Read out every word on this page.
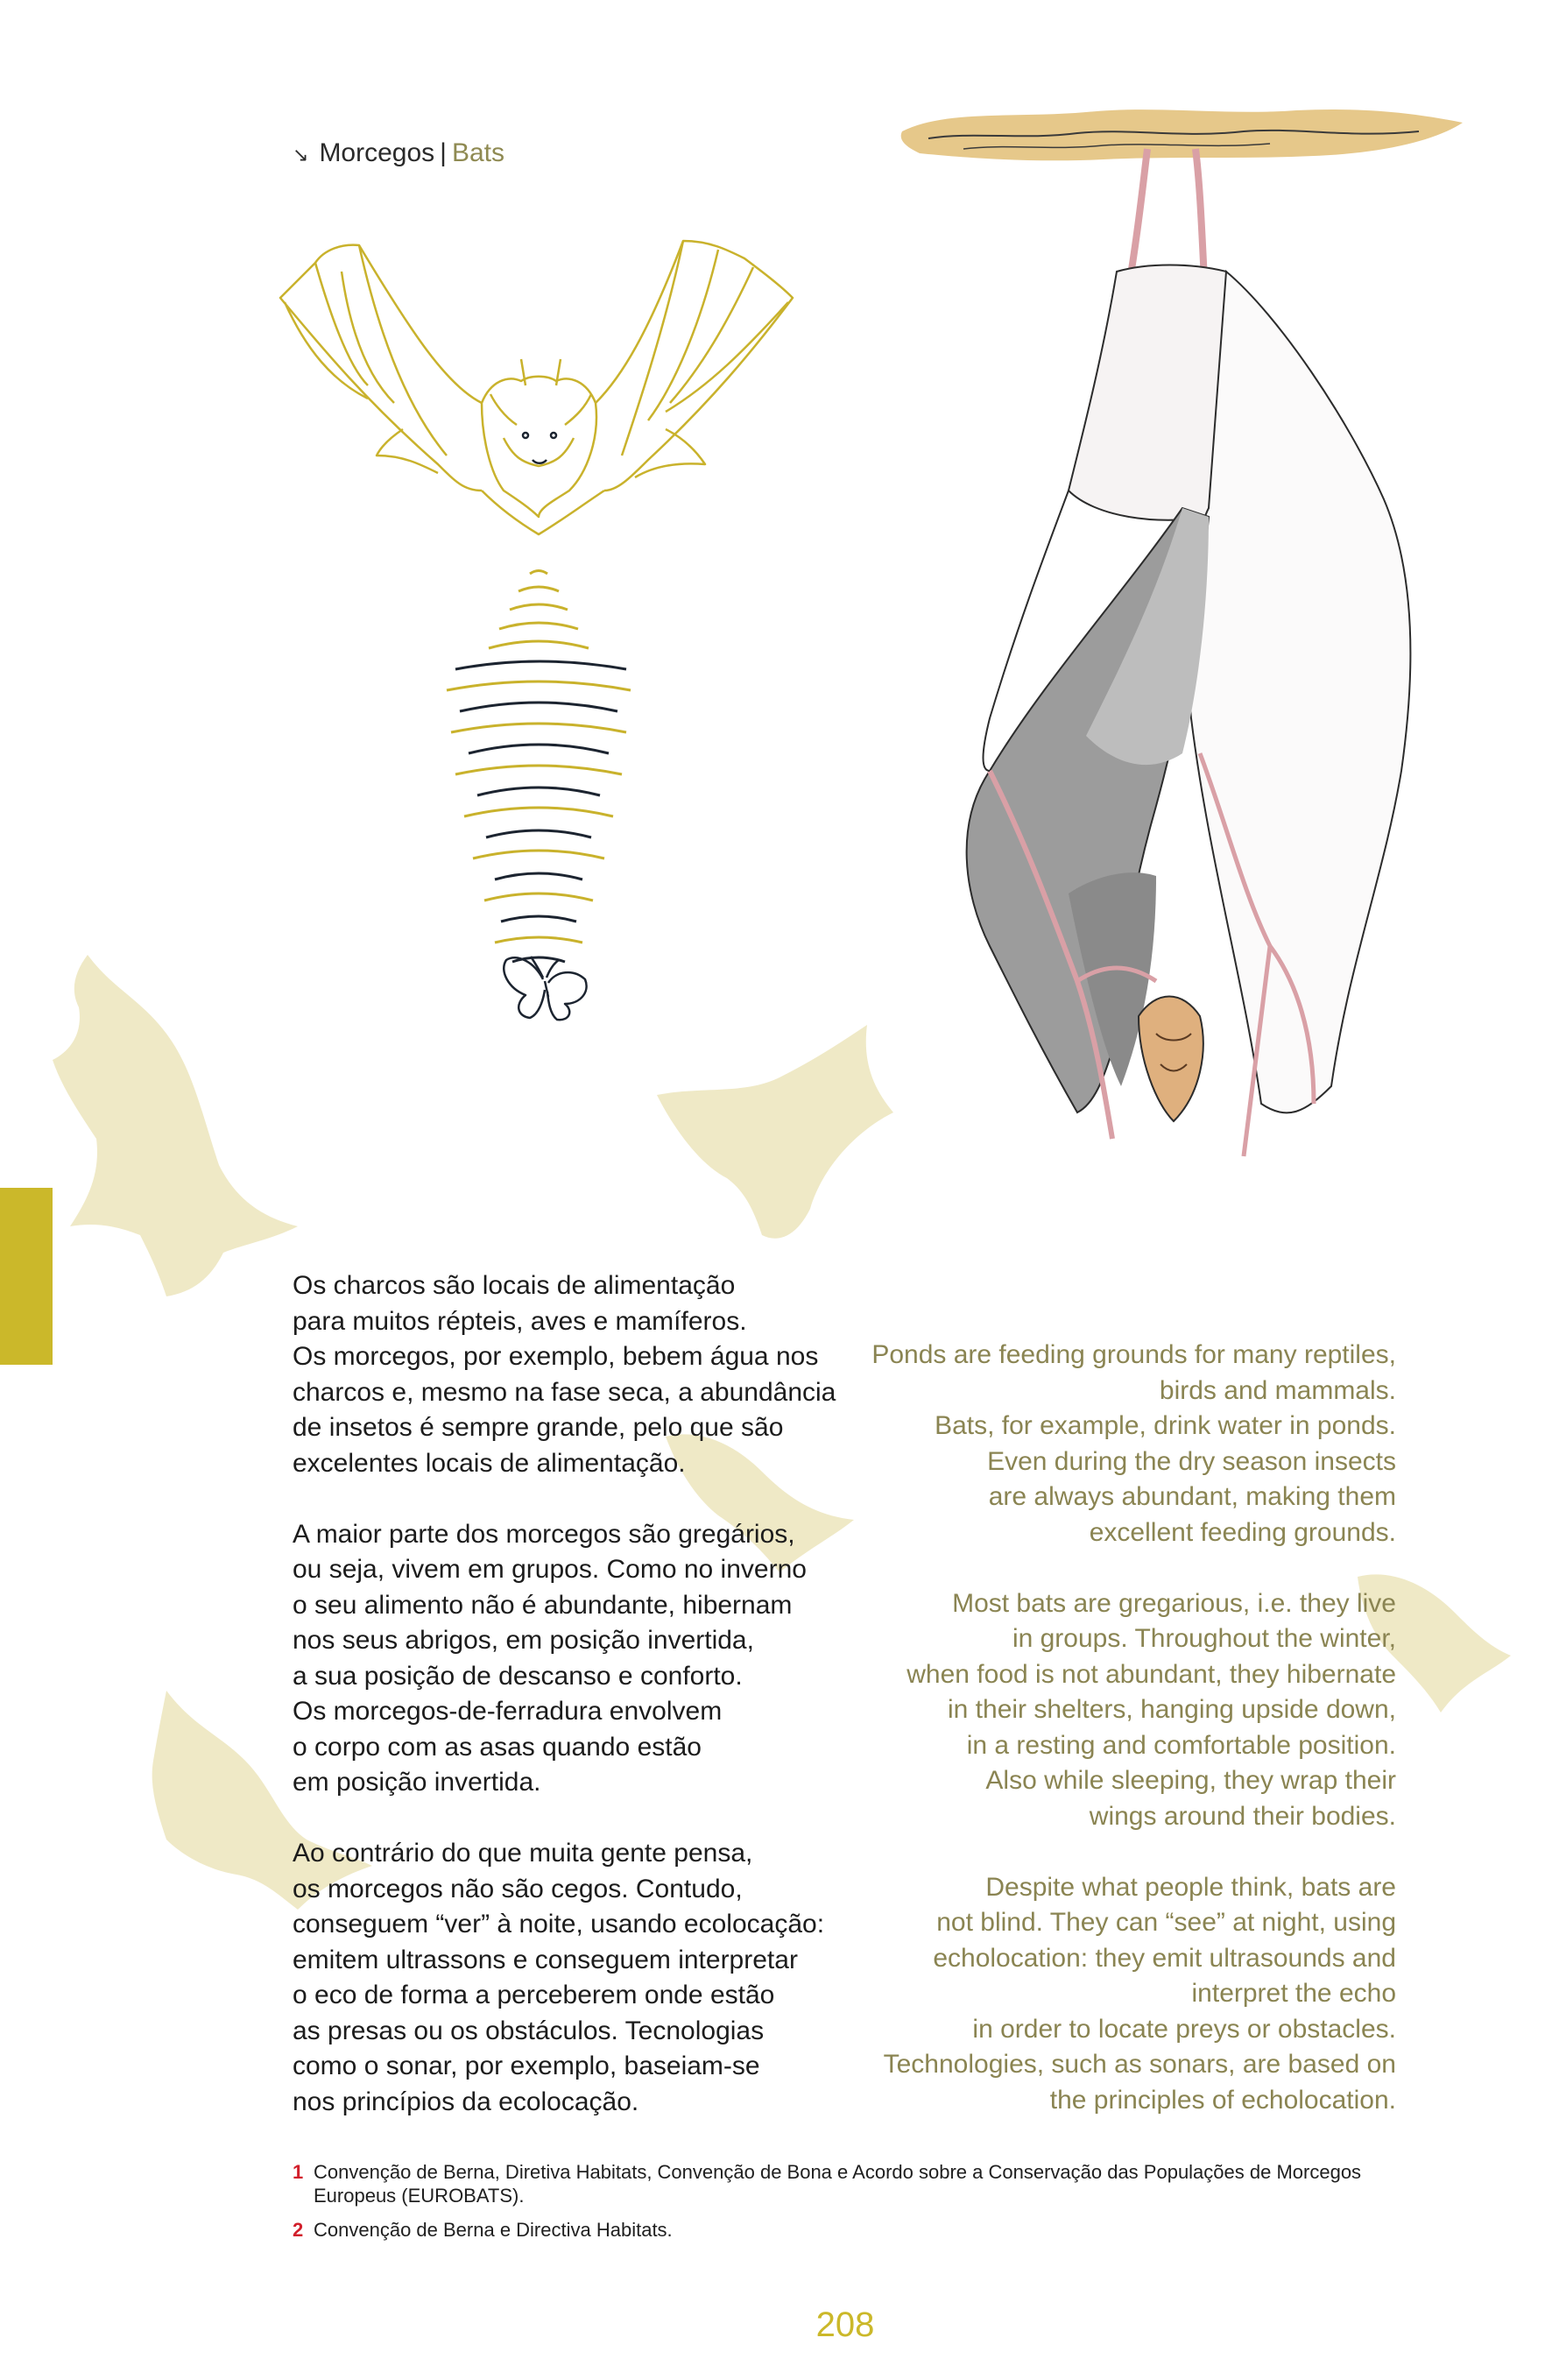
↘ Morcegos | Bats

Os charcos são locais de alimentação
para muitos répteis, aves e mamíferos.
Os morcegos, por exemplo, bebem água nos
charcos e, mesmo na fase seca, a abundância
de insetos é sempre grande, pelo que são
excelentes locais de alimentação.

A maior parte dos morcegos são gregários,
ou seja, vivem em grupos. Como no inverno
o seu alimento não é abundante, hibernam
nos seus abrigos, em posição invertida,
a sua posição de descanso e conforto.
Os morcegos-de-ferradura envolvem
o corpo com as asas quando estão
em posição invertida.

Ao contrário do que muita gente pensa,
os morcegos não são cegos. Contudo,
conseguem “ver” à noite, usando ecolocação:
emitem ultrassons e conseguem interpretar
o eco de forma a perceberem onde estão
as presas ou os obstáculos. Tecnologias
como o sonar, por exemplo, baseiam-se
nos princípios da ecolocação.

Ponds are feeding grounds for many reptiles,
birds and mammals.
Bats, for example, drink water in ponds.
Even during the dry season insects
are always abundant, making them
excellent feeding grounds.

Most bats are gregarious, i.e. they live
in groups. Throughout the winter,
when food is not abundant, they hibernate
in their shelters, hanging upside down,
in a resting and comfortable position.
Also while sleeping, they wrap their
wings around their bodies.

Despite what people think, bats are
not blind. They can “see” at night, using
echolocation: they emit ultrasounds and
interpret the echo
in order to locate preys or obstacles.
Technologies, such as sonars, are based on
the principles of echolocation.

1 Convenção de Berna, Diretiva Habitats, Convenção de Bona e Acordo sobre a Conservação das Populações de Morcegos Europeus (EUROBATS).
2 Convenção de Berna e Directiva Habitats.
208
